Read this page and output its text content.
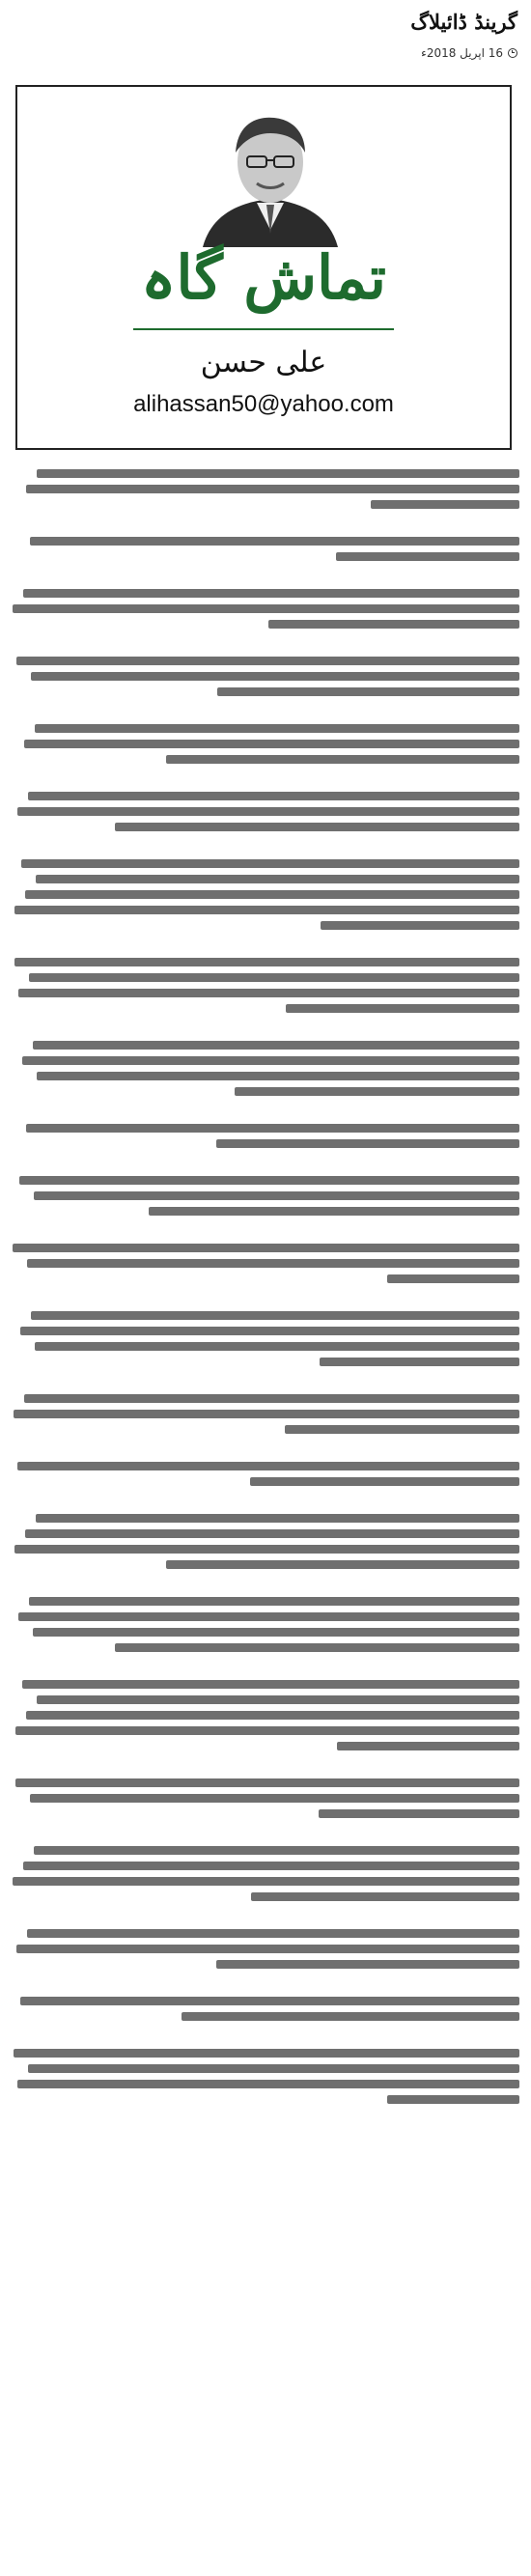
گرینڈ ڈائیلاگ
16 اپریل 2018ء
تماش گاہ
علی حسن
alihassan50@yahoo.com
